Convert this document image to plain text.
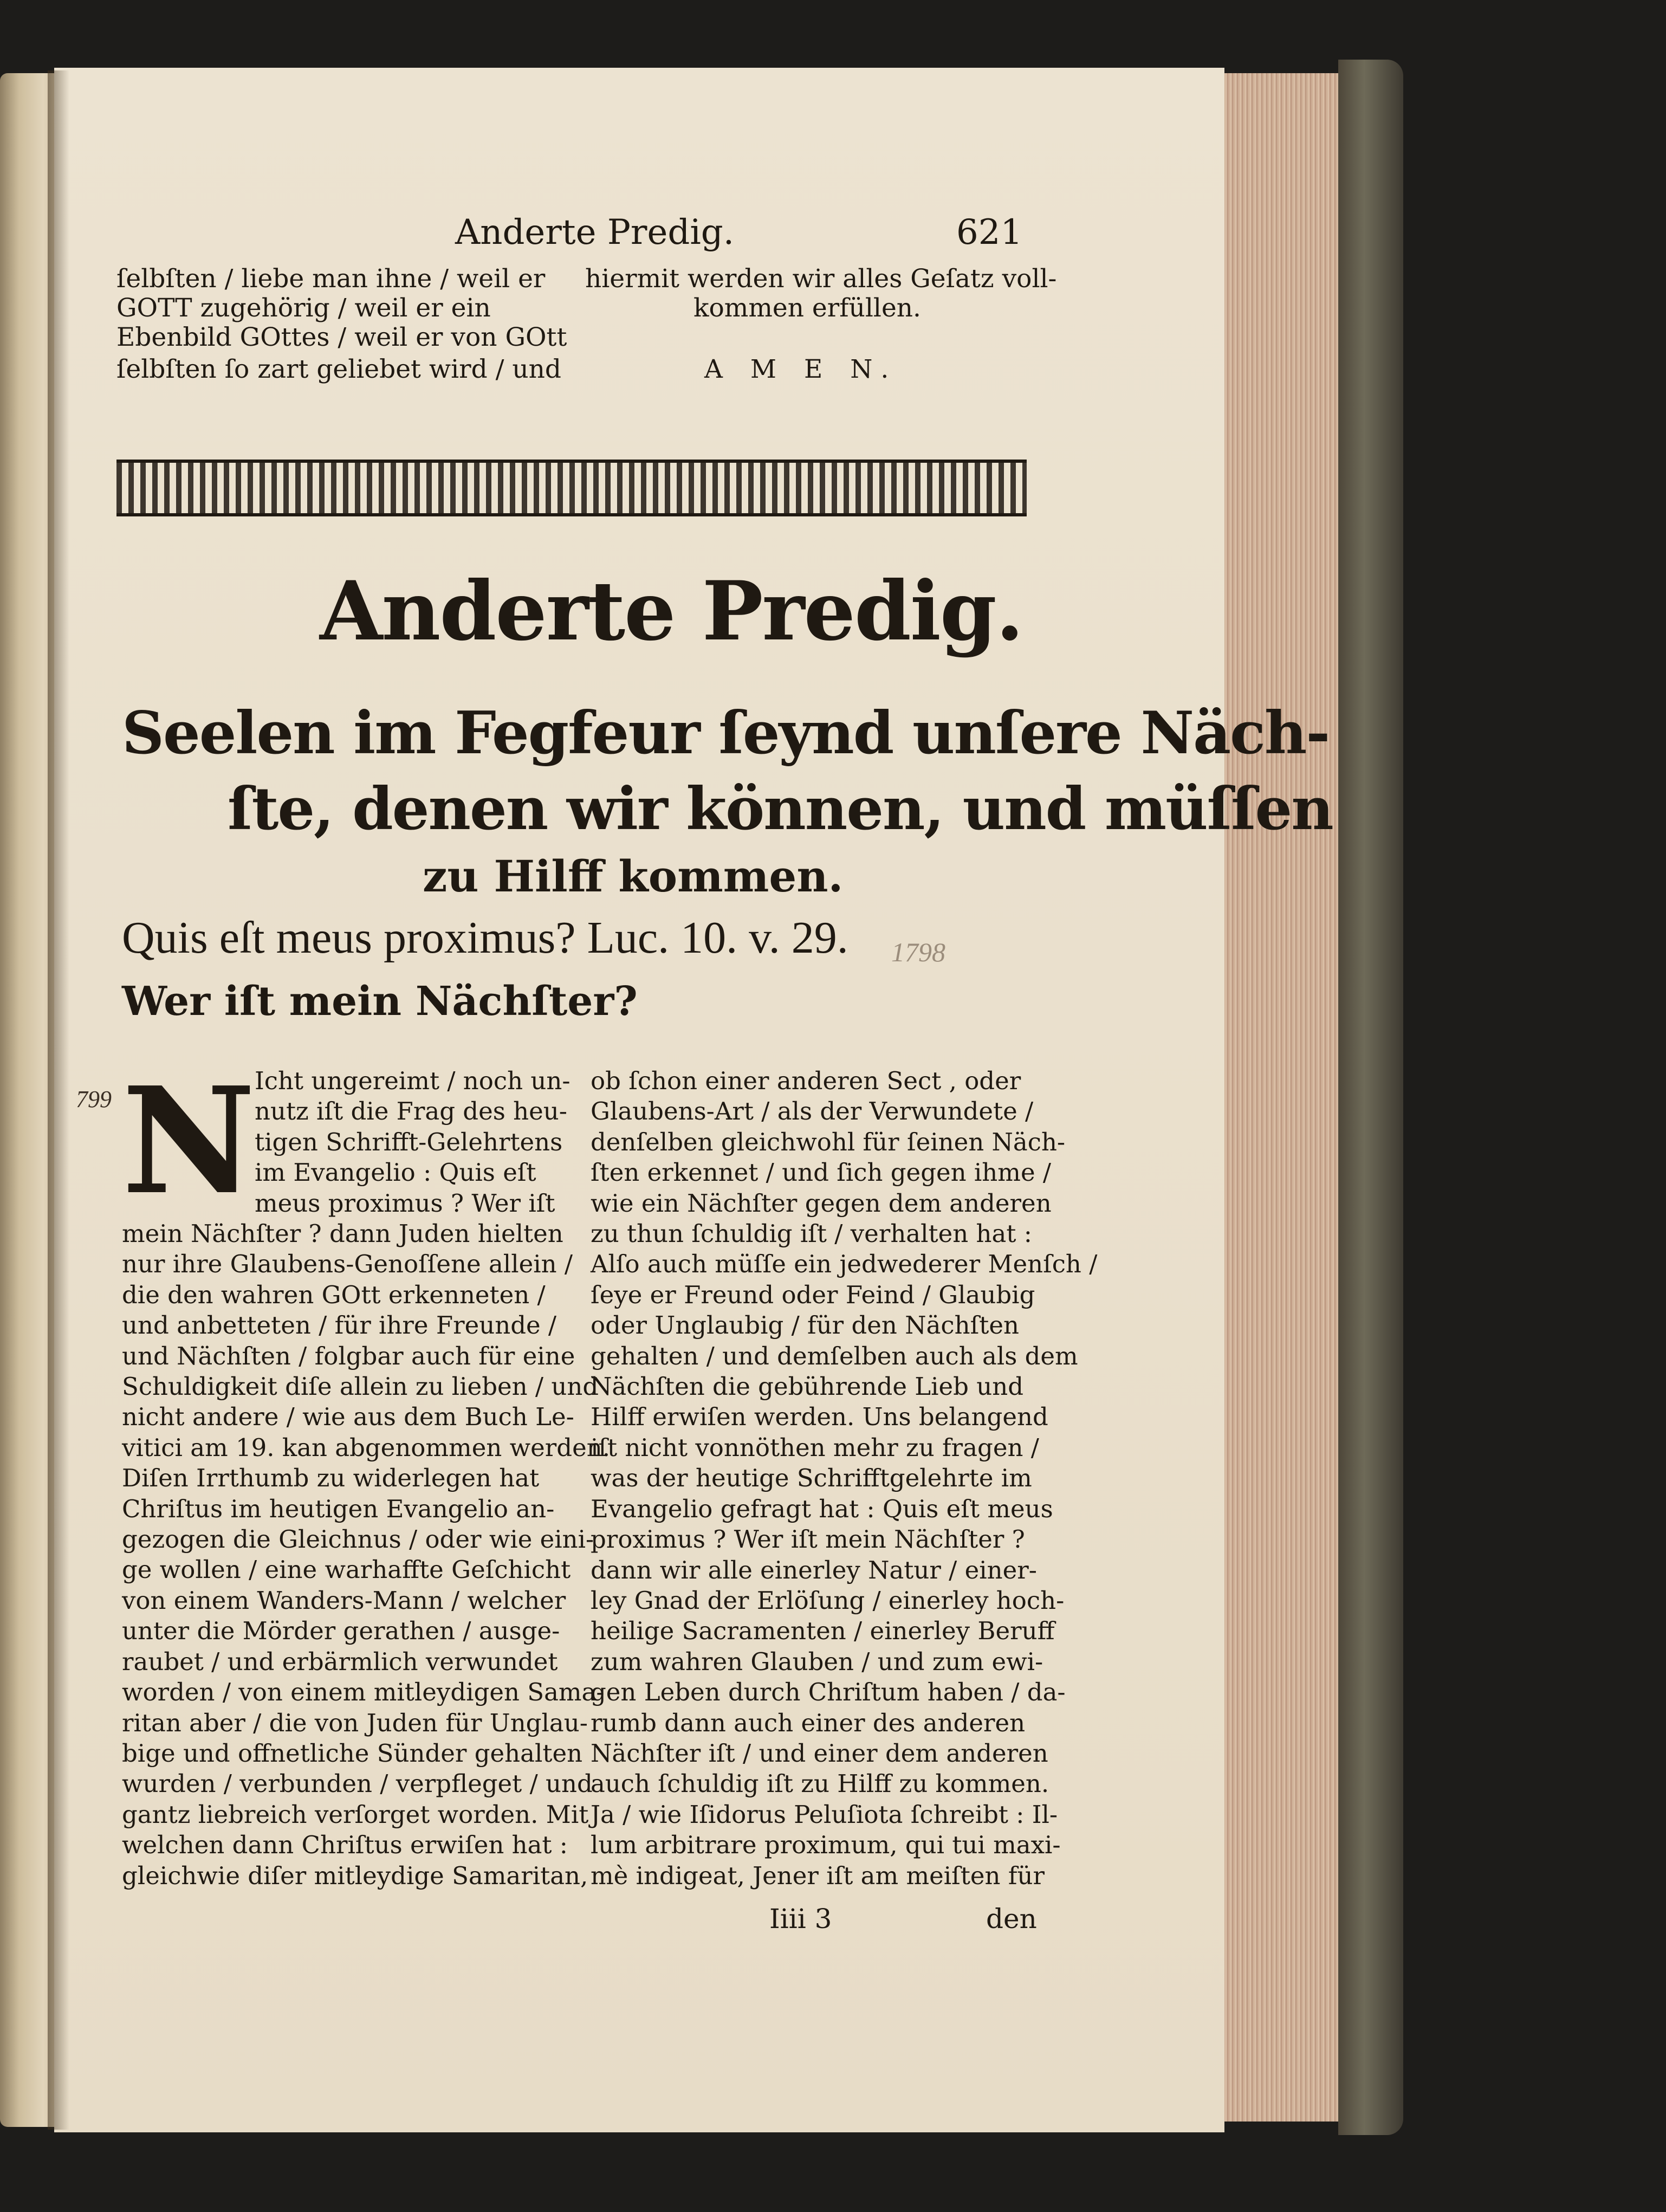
Anderte Predig.	621
ſelbſten / liebe man ihne / weil er
GOTT zugehörig / weil er ein
Ebenbild GOttes / weil er von GOtt
ſelbſten ſo zart geliebet wird / und
hiermit werden wir alles Geſatz voll-
kommen erfüllen.
A M E N.
Anderte Predig.
Seelen im Fegfeur ſeynd unſere Näch-
ſte, denen wir können, und müſſen
zu Hilff kommen.
Quis eſt meus proximus? Luc. 10. v. 29. 1798
Wer iſt mein Nächſter?
799 N
Icht ungereimt / noch un-
nutz iſt die Frag des heu-
tigen Schrifft-Gelehrtens
im Evangelio : Quis eſt
meus proximus ? Wer iſt
mein Nächſter ? dann Juden hielten
nur ihre Glaubens-Genoſſene allein /
die den wahren GOtt erkenneten /
und anbetteten / für ihre Freunde /
und Nächſten / folgbar auch für eine
Schuldigkeit diſe allein zu lieben / und
nicht andere / wie aus dem Buch Le-
vitici am 19. kan abgenommen werden.
Diſen Irrthumb zu widerlegen hat
Chriſtus im heutigen Evangelio an-
gezogen die Gleichnus / oder wie eini-
ge wollen / eine warhaffte Geſchicht
von einem Wanders-Mann / welcher
unter die Mörder gerathen / ausge-
raubet / und erbärmlich verwundet
worden / von einem mitleydigen Sama-
ritan aber / die von Juden für Unglau-
bige und offnetliche Sünder gehalten
wurden / verbunden / verpfleget / und
gantz liebreich verſorget worden. Mit
welchen dann Chriſtus erwiſen hat :
gleichwie diſer mitleydige Samaritan,
ob ſchon einer anderen Sect , oder
Glaubens-Art / als der Verwundete /
denſelben gleichwohl für ſeinen Näch-
ſten erkennet / und ſich gegen ihme /
wie ein Nächſter gegen dem anderen
zu thun ſchuldig iſt / verhalten hat :
Alſo auch müſſe ein jedwederer Menſch /
ſeye er Freund oder Feind / Glaubig
oder Unglaubig / für den Nächſten
gehalten / und demſelben auch als dem
Nächſten die gebührende Lieb und
Hilff erwiſen werden. Uns belangend
iſt nicht vonnöthen mehr zu fragen /
was der heutige Schrifftgelehrte im
Evangelio gefragt hat : Quis eſt meus
proximus ? Wer iſt mein Nächſter ?
dann wir alle einerley Natur / einer-
ley Gnad der Erlöſung / einerley hoch-
heilige Sacramenten / einerley Beruff
zum wahren Glauben / und zum ewi-
gen Leben durch Chriſtum haben / da-
rumb dann auch einer des anderen
Nächſter iſt / und einer dem anderen
auch ſchuldig iſt zu Hilff zu kommen.
Ja / wie Iſidorus Peluſiota ſchreibt : Il-
lum arbitrare proximum, qui tui maxi-
mè indigeat, Jener iſt am meiſten für
Iiii 3	den
